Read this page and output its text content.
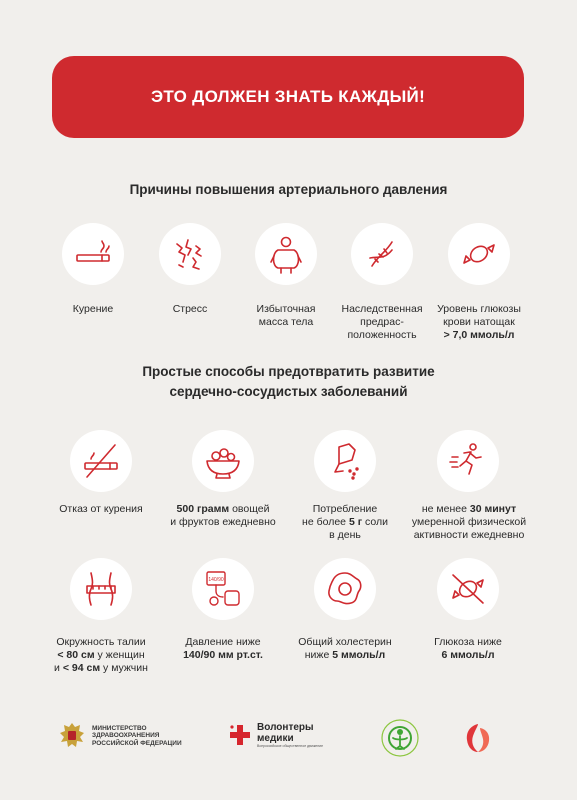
ЭТО ДОЛЖЕН ЗНАТЬ КАЖДЫЙ!
Причины повышения артериального давления
Курение	Стресс	Избыточная
масса тела
Наследственная
предрас-
положенность
Уровень глюкозы
крови натощак
> 7,0 ммоль/л
Простые способы предотвратить развитие
сердечно-сосудистых заболеваний
Отказ от курения	500 грамм овощей
и фруктов ежедневно
Потребление
не более 5 г соли
в день
не менее 30 минут
умеренной физической
активности ежедневно
140/90
Окружность талии
< 80 см у женщин
и < 94 см у мужчин
Давление ниже
140/90 мм рт.ст.
Общий холестерин
ниже 5 ммоль/л
Глюкоза ниже
6 ммоль/л
МИНИСТЕРСТВО
ЗДРАВООХРАНЕНИЯ
РОССИЙСКОЙ ФЕДЕРАЦИИ
Волонтеры
медики
Всероссийское общественное движение
